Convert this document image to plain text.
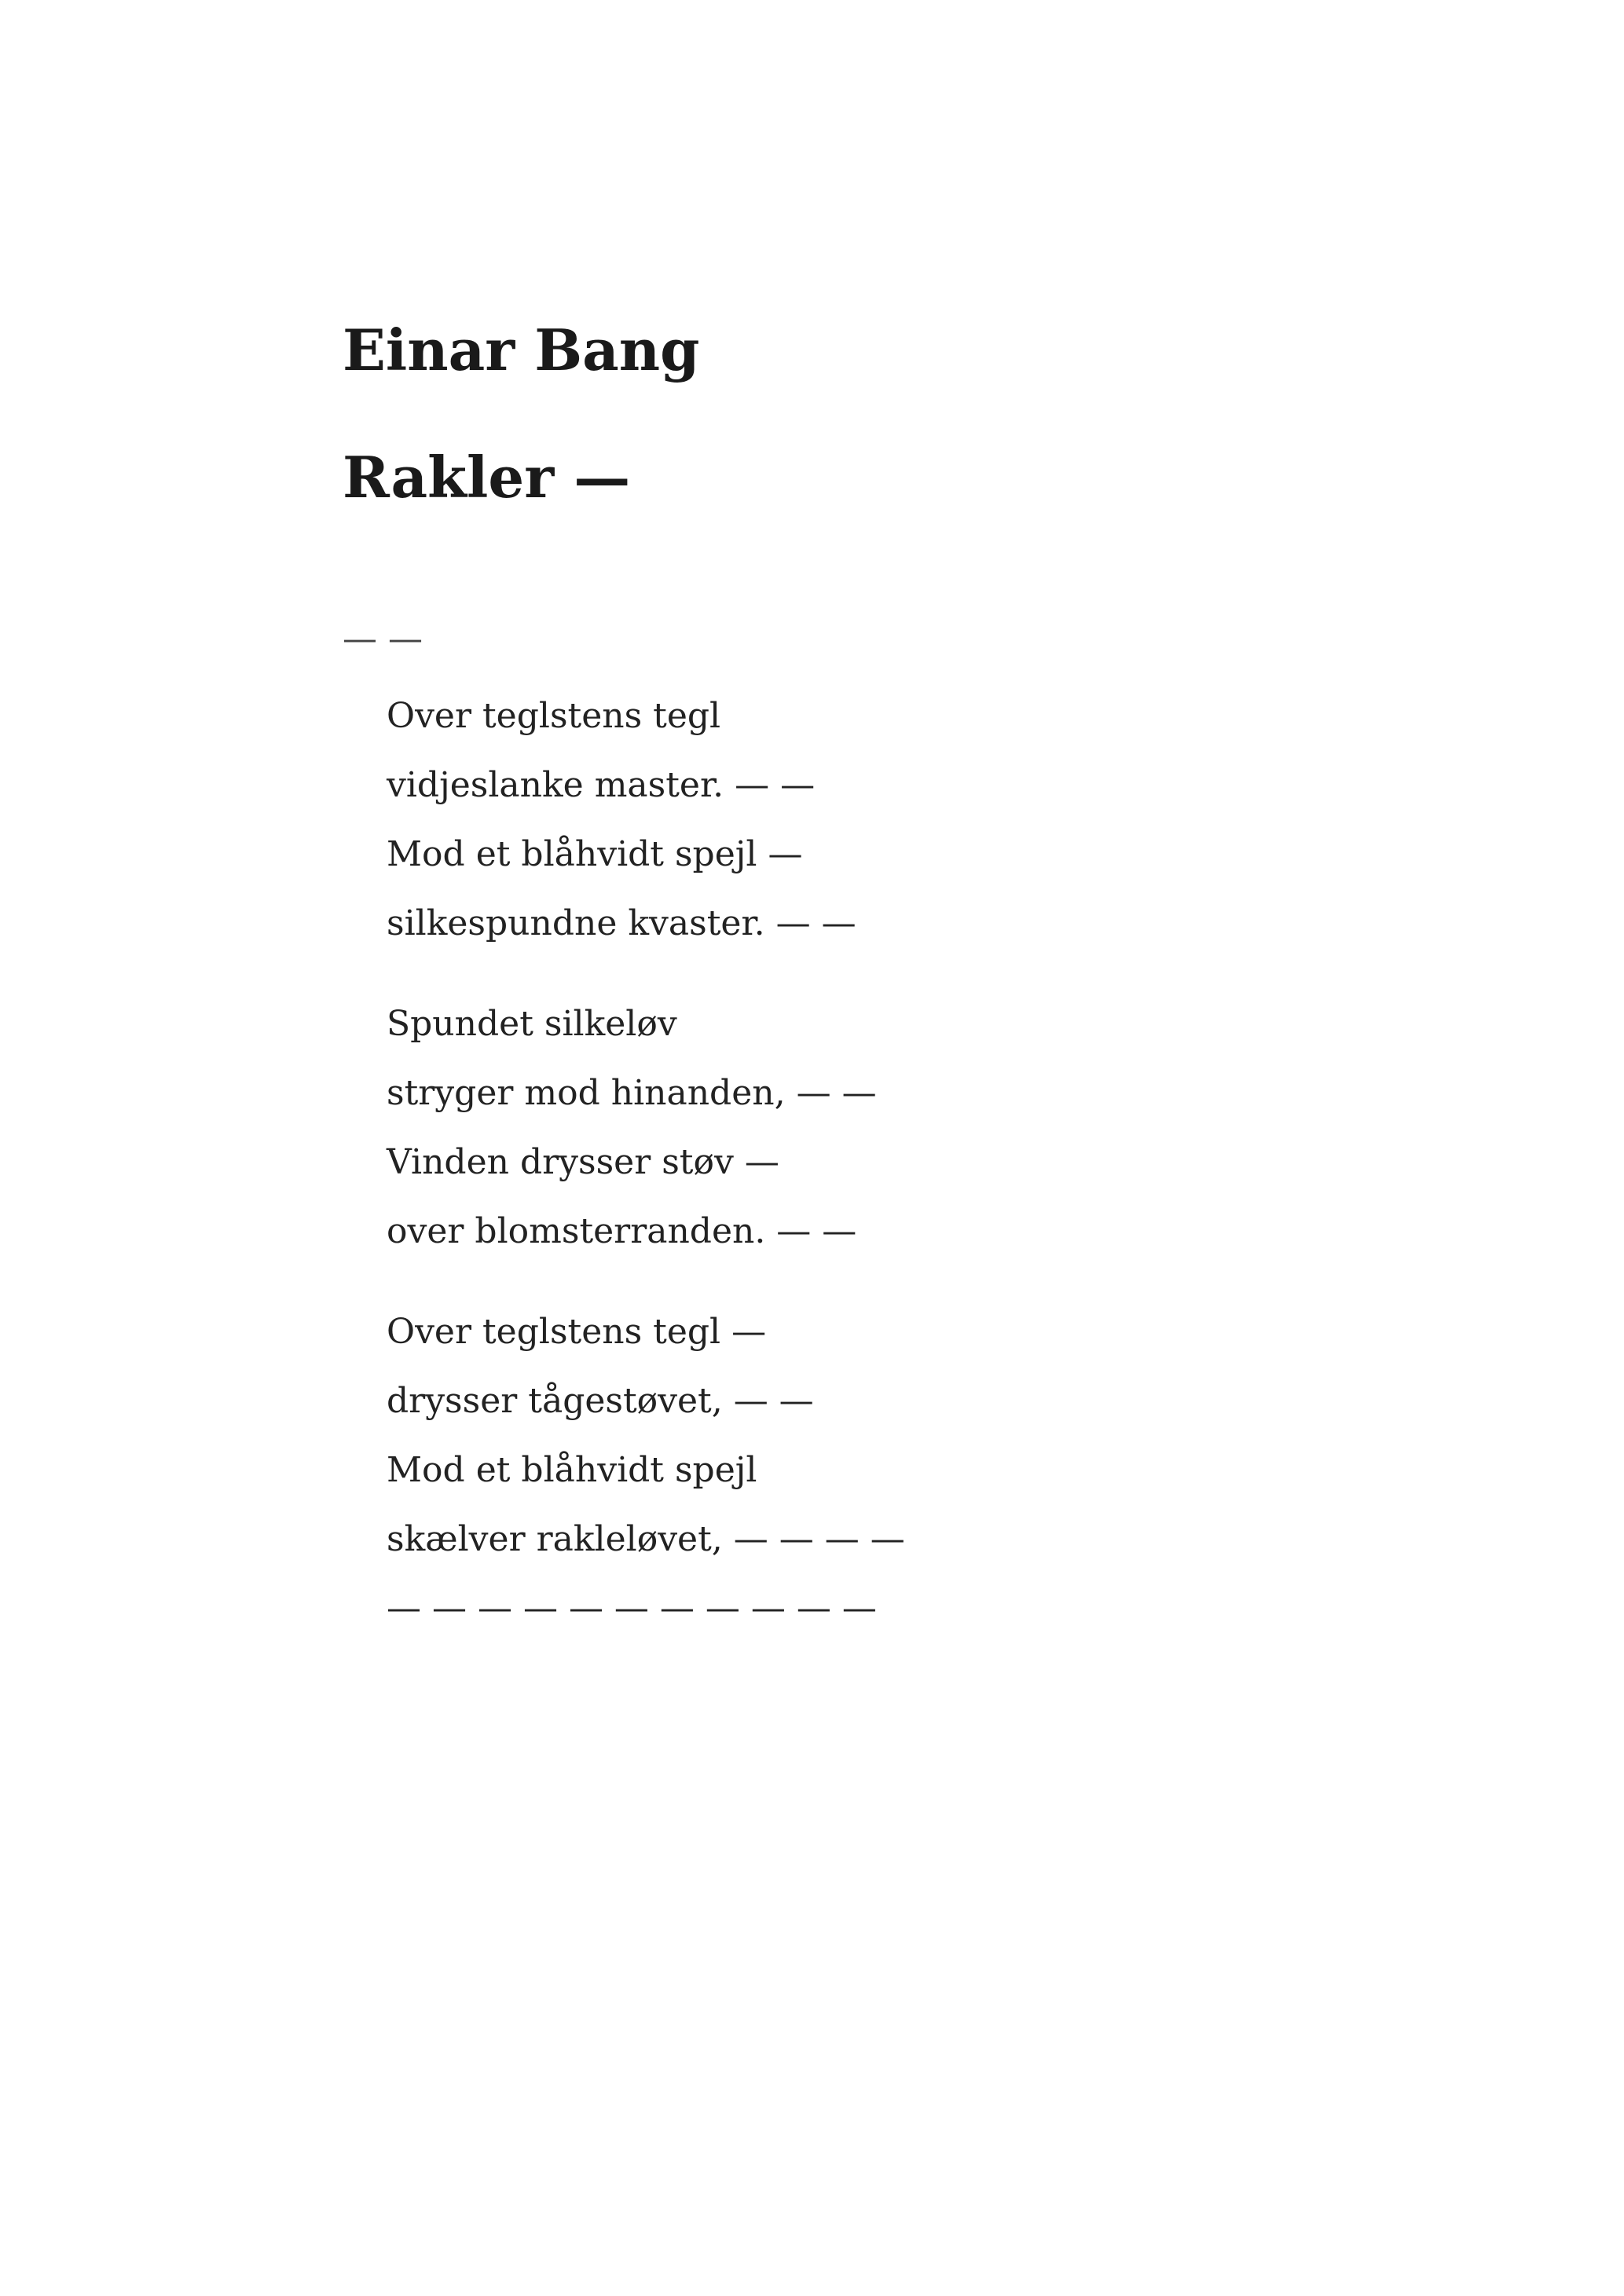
Einar Bang
Rakler —
— —
Over teglstens tegl
vidjeslanke master. — —
Mod et blåhvidt spejl —
silkespundne kvaster. — —
Spundet silkeløv
stryger mod hinanden, — —
Vinden drysser støv —
over blomsterranden. — —
Over teglstens tegl —
drysser tågestøvet, — —
Mod et blåhvidt spejl
skælver rakleløvet, — — — —
— — — — — — — — — — —
